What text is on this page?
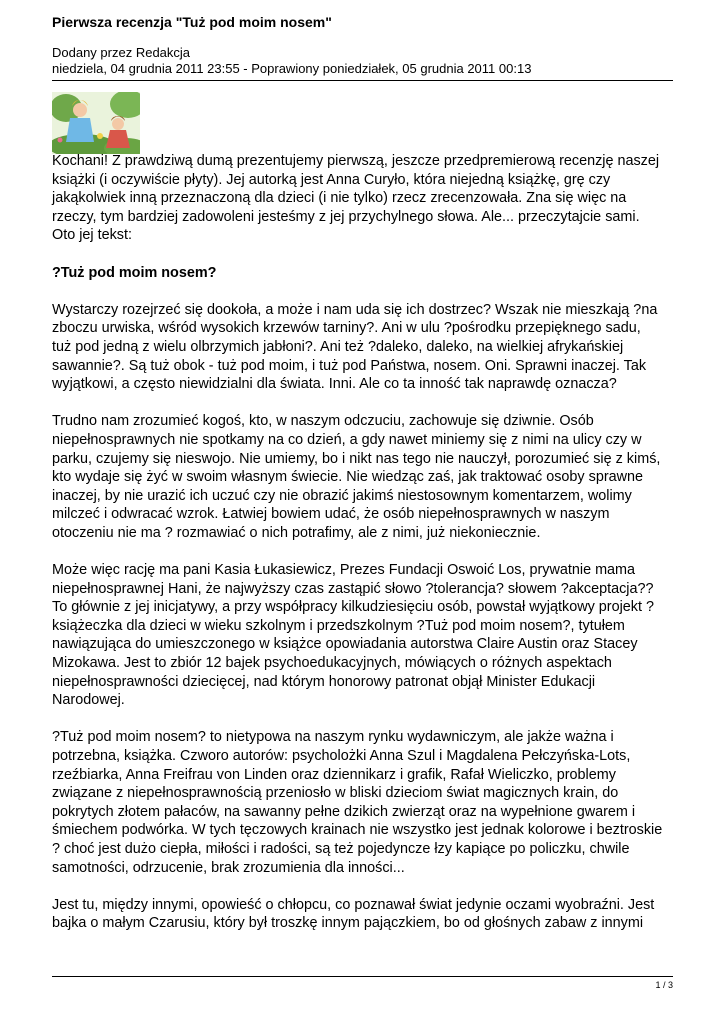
Pierwsza recenzja "Tuż pod moim nosem"
Dodany przez Redakcja
niedziela, 04 grudnia 2011 23:55 - Poprawiony poniedziałek, 05 grudnia 2011 00:13

Kochani! Z prawdziwą dumą prezentujemy pierwszą, jeszcze przedpremierową recenzję naszej
książki (i oczywiście płyty). Jej autorką jest Anna Curyło, która niejedną książkę, grę czy
jakąkolwiek inną przeznaczoną dla dzieci (i nie tylko) rzecz zrecenzowała. Zna się więc na
rzeczy, tym bardziej zadowoleni jesteśmy z jej przychylnego słowa. Ale... przeczytajcie sami.
Oto jej tekst:

?Tuż pod moim nosem?

Wystarczy rozejrzeć się dookoła, a może i nam uda się ich dostrzec? Wszak nie mieszkają ?na
zboczu urwiska, wśród wysokich krzewów tarniny?. Ani w ulu ?pośrodku przepięknego sadu,
tuż pod jedną z wielu olbrzymich jabłoni?. Ani też ?daleko, daleko, na wielkiej afrykańskiej
sawannie?. Są tuż obok - tuż pod moim, i tuż pod Państwa, nosem. Oni. Sprawni inaczej. Tak
wyjątkowi, a często niewidzialni dla świata. Inni. Ale co ta inność tak naprawdę oznacza?

Trudno nam zrozumieć kogoś, kto, w naszym odczuciu, zachowuje się dziwnie. Osób
niepełnosprawnych nie spotkamy na co dzień, a gdy nawet miniemy się z nimi na ulicy czy w
parku, czujemy się nieswojo. Nie umiemy, bo i nikt nas tego nie nauczył, porozumieć się z kimś,
kto wydaje się żyć w swoim własnym świecie. Nie wiedząc zaś, jak traktować osoby sprawne
inaczej, by nie urazić ich uczuć czy nie obrazić jakimś niestosownym komentarzem, wolimy
milczeć i odwracać wzrok. Łatwiej bowiem udać, że osób niepełnosprawnych w naszym
otoczeniu nie ma ? rozmawiać o nich potrafimy, ale z nimi, już niekoniecznie.

Może więc rację ma pani Kasia Łukasiewicz, Prezes Fundacji Oswoić Los, prywatnie mama
niepełnosprawnej Hani, że najwyższy czas zastąpić słowo ?tolerancja? słowem ?akceptacja??
To głównie z jej inicjatywy, a przy współpracy kilkudziesięciu osób, powstał wyjątkowy projekt ?
książeczka dla dzieci w wieku szkolnym i przedszkolnym ?Tuż pod moim nosem?, tytułem
nawiązująca do umieszczonego w książce opowiadania autorstwa Claire Austin oraz Stacey
Mizokawa. Jest to zbiór 12 bajek psychoedukacyjnych, mówiących o różnych aspektach
niepełnosprawności dziecięcej, nad którym honorowy patronat objął Minister Edukacji
Narodowej.

?Tuż pod moim nosem? to nietypowa na naszym rynku wydawniczym, ale jakże ważna i
potrzebna, książka. Czworo autorów: psycholożki Anna Szul i Magdalena Pełczyńska-Lots,
rzeźbiarka, Anna Freifrau von Linden oraz dziennikarz i grafik, Rafał Wieliczko, problemy
związane z niepełnosprawnością przeniosło w bliski dzieciom świat magicznych krain, do
pokrytych złotem pałaców, na sawanny pełne dzikich zwierząt oraz na wypełnione gwarem i
śmiechem podwórka. W tych tęczowych krainach nie wszystko jest jednak kolorowe i beztroskie
? choć jest dużo ciepła, miłości i radości, są też pojedyncze łzy kapiące po policzku, chwile
samotności, odrzucenie, brak zrozumienia dla inności...

Jest tu, między innymi, opowieść o chłopcu, co poznawał świat jedynie oczami wyobraźni. Jest
bajka o małym Czarusiu, który był troszkę innym pajączkiem, bo od głośnych zabaw z innymi

1 / 3
